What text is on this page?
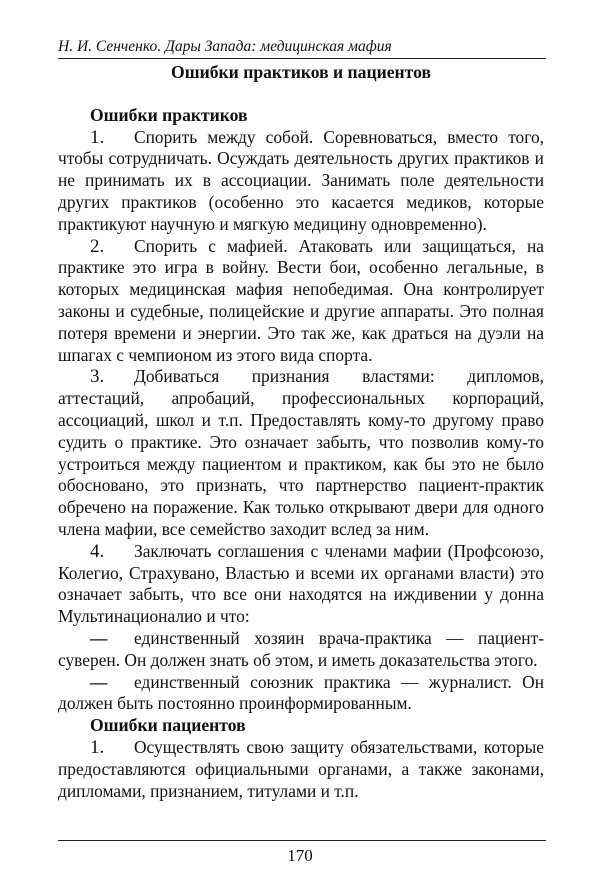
Н. И. Сенченко. Дары Запада: медицинская мафия
Ошибки практиков и пациентов
Ошибки практиков

1. Спорить между собой. Соревноваться, вместо того, чтобы сотрудничать. Осуждать деятельность других практиков и не принимать их в ассоциации. Занимать поле деятельности других практиков (особенно это касается медиков, которые практикуют научную и мягкую медицину одновременно).

2. Спорить с мафией. Атаковать или защищаться, на практике это игра в войну. Вести бои, особенно легальные, в которых медицинская мафия непобедимая. Она контролирует законы и судебные, полицейские и другие аппараты. Это полная потеря времени и энергии. Это так же, как драться на дуэли на шпагах с чемпионом из этого вида спорта.

3. Добиваться признания властями: дипломов, аттестаций, апробаций, профессиональных корпораций, ассоциаций, школ и т.п. Предоставлять кому-то другому право судить о практике. Это означает забыть, что позволив кому-то устроиться между пациентом и практиком, как бы это не было обосновано, это признать, что партнерство пациент-практик обречено на поражение. Как только открывают двери для одного члена мафии, все семейство заходит вслед за ним.

4. Заключать соглашения с членами мафии (Профсоюзо, Колегио, Страхувано, Властью и всеми их органами власти) это означает забыть, что все они находятся на иждивении у донна Мультинационалио и что:

— единственный хозяин врача-практика — пациент-суверен. Он должен знать об этом, и иметь доказательства этого.

— единственный союзник практика — журналист. Он должен быть постоянно проинформированным.

Ошибки пациентов

1. Осуществлять свою защиту обязательствами, которые предоставляются официальными органами, а также законами, дипломами, признанием, титулами и т.п.

170
